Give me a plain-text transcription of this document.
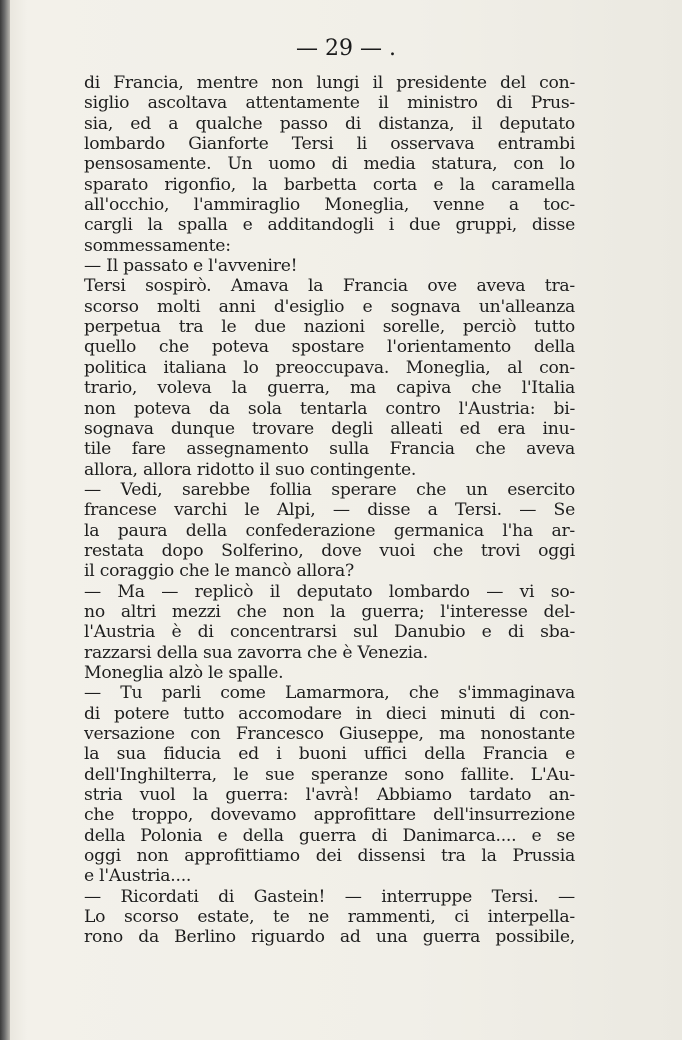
— 29 — .
di Francia, mentre non lungi il presidente del con-
siglio ascoltava attentamente il ministro di Prus-
sia, ed a qualche passo di distanza, il deputato
lombardo Gianforte Tersi li osservava entrambi
pensosamente. Un uomo di media statura, con lo
sparato rigonfio, la barbetta corta e la caramella
all'occhio, l'ammiraglio Moneglia, venne a toc-
cargli la spalla e additandogli i due gruppi, disse
sommessamente:
— Il passato e l'avvenire!
Tersi sospirò. Amava la Francia ove aveva tra-
scorso molti anni d'esiglio e sognava un'alleanza
perpetua tra le due nazioni sorelle, perciò tutto
quello che poteva spostare l'orientamento della
politica italiana lo preoccupava. Moneglia, al con-
trario, voleva la guerra, ma capiva che l'Italia
non poteva da sola tentarla contro l'Austria: bi-
sognava dunque trovare degli alleati ed era inu-
tile fare assegnamento sulla Francia che aveva
allora, allora ridotto il suo contingente.
— Vedi, sarebbe follia sperare che un esercito
francese varchi le Alpi, — disse a Tersi. — Se
la paura della confederazione germanica l'ha ar-
restata dopo Solferino, dove vuoi che trovi oggi
il coraggio che le mancò allora?
— Ma — replicò il deputato lombardo — vi so-
no altri mezzi che non la guerra; l'interesse del-
l'Austria è di concentrarsi sul Danubio e di sba-
razzarsi della sua zavorra che è Venezia.
Moneglia alzò le spalle.
— Tu parli come Lamarmora, che s'immaginava
di potere tutto accomodare in dieci minuti di con-
versazione con Francesco Giuseppe, ma nonostante
la sua fiducia ed i buoni uffici della Francia e
dell'Inghilterra, le sue speranze sono fallite. L'Au-
stria vuol la guerra: l'avrà! Abbiamo tardato an-
che troppo, dovevamo approfittare dell'insurrezione
della Polonia e della guerra di Danimarca.... e se
oggi non approfittiamo dei dissensi tra la Prussia
e l'Austria....
— Ricordati di Gastein! — interruppe Tersi. —
Lo scorso estate, te ne rammenti, ci interpella-
rono da Berlino riguardo ad una guerra possibile,
